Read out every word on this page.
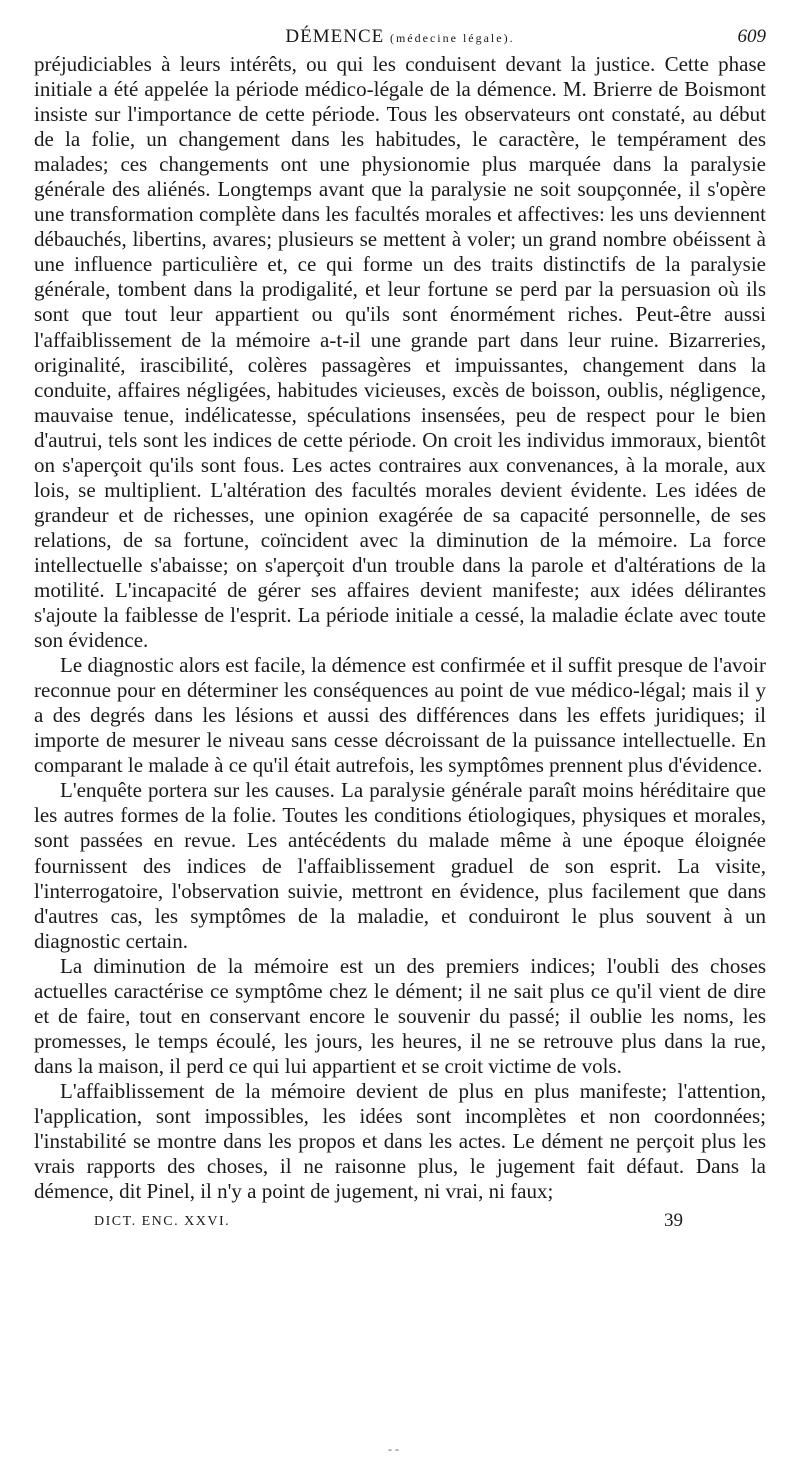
DÉMENCE (médecine légale).	609

préjudiciables à leurs intérêts, ou qui les conduisent devant la justice. Cette phase initiale a été appelée la période médico-légale de la démence. M. Brierre de Boismont insiste sur l'importance de cette période. Tous les observateurs ont constaté, au début de la folie, un changement dans les habitudes, le caractère, le tempérament des malades; ces changements ont une physionomie plus marquée dans la paralysie générale des aliénés. Longtemps avant que la paralysie ne soit soupçonnée, il s'opère une transformation complète dans les facultés morales et affectives: les uns deviennent débauchés, libertins, avares; plusieurs se mettent à voler; un grand nombre obéissent à une influence particulière et, ce qui forme un des traits distinctifs de la paralysie générale, tombent dans la prodigalité, et leur fortune se perd par la persuasion où ils sont que tout leur appartient ou qu'ils sont énormément riches. Peut-être aussi l'affaiblissement de la mémoire a-t-il une grande part dans leur ruine. Bizarreries, originalité, irascibilité, colères passagères et impuissantes, changement dans la conduite, affaires négligées, habitudes vicieuses, excès de boisson, oublis, négligence, mauvaise tenue, indélicatesse, spéculations insensées, peu de respect pour le bien d'autrui, tels sont les indices de cette période. On croit les individus immoraux, bientôt on s'aperçoit qu'ils sont fous. Les actes contraires aux convenances, à la morale, aux lois, se multiplient. L'altération des facultés morales devient évidente. Les idées de grandeur et de richesses, une opinion exagérée de sa capacité personnelle, de ses relations, de sa fortune, coïncident avec la diminution de la mémoire. La force intellectuelle s'abaisse; on s'aperçoit d'un trouble dans la parole et d'altérations de la motilité. L'incapacité de gérer ses affaires devient manifeste; aux idées délirantes s'ajoute la faiblesse de l'esprit. La période initiale a cessé, la maladie éclate avec toute son évidence.

Le diagnostic alors est facile, la démence est confirmée et il suffit presque de l'avoir reconnue pour en déterminer les conséquences au point de vue médico-légal; mais il y a des degrés dans les lésions et aussi des différences dans les effets juridiques; il importe de mesurer le niveau sans cesse décroissant de la puissance intellectuelle. En comparant le malade à ce qu'il était autrefois, les symptômes prennent plus d'évidence.

L'enquête portera sur les causes. La paralysie générale paraît moins héréditaire que les autres formes de la folie. Toutes les conditions étiologiques, physiques et morales, sont passées en revue. Les antécédents du malade même à une époque éloignée fournissent des indices de l'affaiblissement graduel de son esprit. La visite, l'interrogatoire, l'observation suivie, mettront en évidence, plus facilement que dans d'autres cas, les symptômes de la maladie, et conduiront le plus souvent à un diagnostic certain.

La diminution de la mémoire est un des premiers indices; l'oubli des choses actuelles caractérise ce symptôme chez le dément; il ne sait plus ce qu'il vient de dire et de faire, tout en conservant encore le souvenir du passé; il oublie les noms, les promesses, le temps écoulé, les jours, les heures, il ne se retrouve plus dans la rue, dans la maison, il perd ce qui lui appartient et se croit victime de vols.

L'affaiblissement de la mémoire devient de plus en plus manifeste; l'attention, l'application, sont impossibles, les idées sont incomplètes et non coordonnées; l'instabilité se montre dans les propos et dans les actes. Le dément ne perçoit plus les vrais rapports des choses, il ne raisonne plus, le jugement fait défaut. Dans la démence, dit Pinel, il n'y a point de jugement, ni vrai, ni faux;

DICT. ENC. XXVI.	39
- -
